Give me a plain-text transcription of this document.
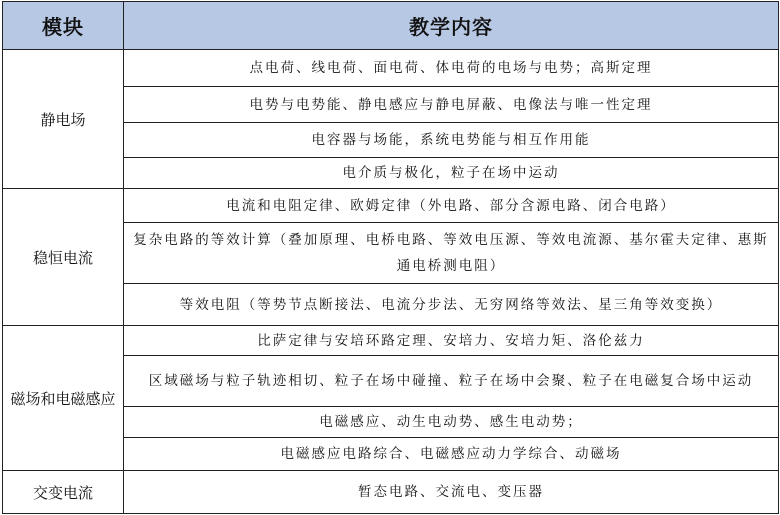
模块	教学内容
静电场	点电荷、线电荷、面电荷、体电荷的电场与电势；高斯定理
	电势与电势能、静电感应与静电屏蔽、电像法与唯一性定理
	电容器与场能，系统电势能与相互作用能
	电介质与极化，粒子在场中运动
稳恒电流	电流和电阻定律、欧姆定律（外电路、部分含源电路、闭合电路）
	复杂电路的等效计算（叠加原理、电桥电路、等效电压源、等效电流源、基尔霍夫定律、惠斯通电桥测电阻）
	等效电阻（等势节点断接法、电流分步法、无穷网络等效法、星三角等效变换）
磁场和电磁感应	比萨定律与安培环路定理、安培力、安培力矩、洛伦兹力
	区域磁场与粒子轨迹相切、粒子在场中碰撞、粒子在场中会聚、粒子在电磁复合场中运动
	电磁感应、动生电动势、感生电动势；
	电磁感应电路综合、电磁感应动力学综合、动磁场
交变电流	暂态电路、交流电、变压器
